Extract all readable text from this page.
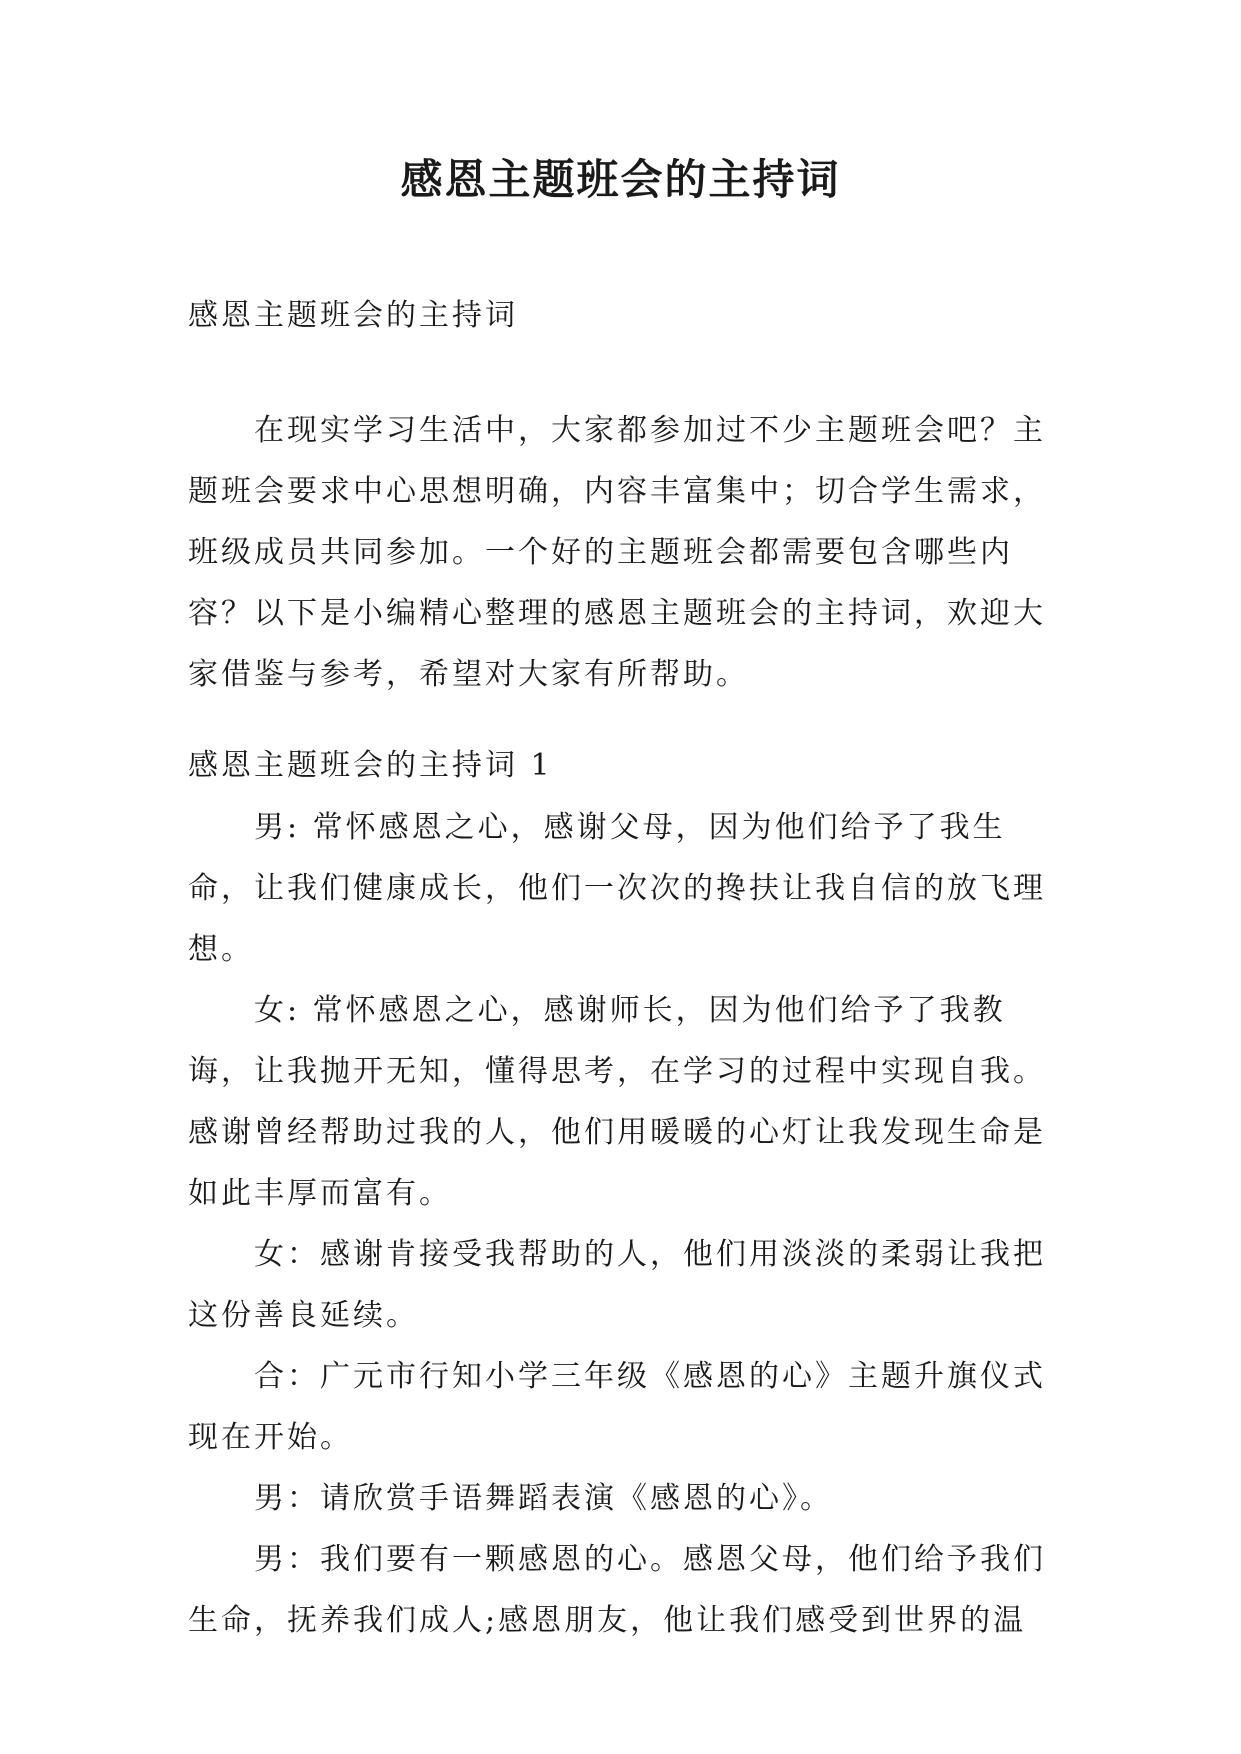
感恩主题班会的主持词

感恩主题班会的主持词

在现实学习生活中，大家都参加过不少主题班会吧？主题班会要求中心思想明确，内容丰富集中；切合学生需求，班级成员共同参加。一个好的主题班会都需要包含哪些内容？以下是小编精心整理的感恩主题班会的主持词，欢迎大家借鉴与参考，希望对大家有所帮助。

感恩主题班会的主持词 1

男: 常怀感恩之心，感谢父母，因为他们给予了我生命，让我们健康成长，他们一次次的搀扶让我自信的放飞理想。

女: 常怀感恩之心，感谢师长，因为他们给予了我教诲，让我抛开无知，懂得思考，在学习的过程中实现自我。感谢曾经帮助过我的人，他们用暖暖的心灯让我发现生命是如此丰厚而富有。

女：感谢肯接受我帮助的人，他们用淡淡的柔弱让我把这份善良延续。

合：广元市行知小学三年级《感恩的心》主题升旗仪式现在开始。

男：请欣赏手语舞蹈表演《感恩的心》。

男：我们要有一颗感恩的心。感恩父母，他们给予我们生命，抚养我们成人;感恩朋友，他让我们感受到世界的温
